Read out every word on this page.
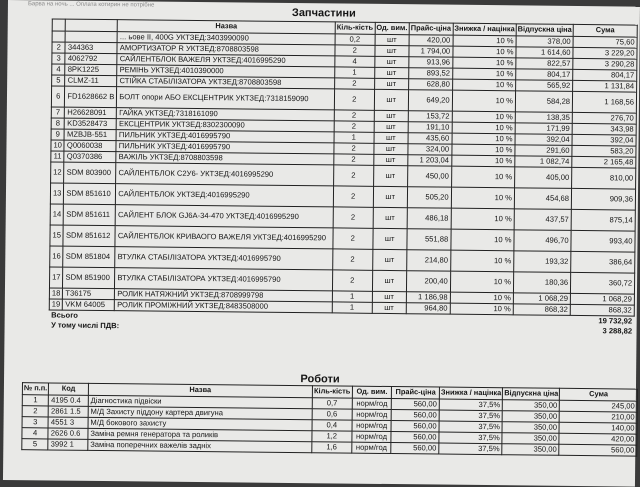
Барва на ночь ... Оплата котирин не потрібне
Запчастини
		Назва	Кіль-кість	Од. вим.	Прайс-ціна	Знижка / націнка	Відпускна ціна	Сума
		... ьове II, 400G УКТЗЕД:3403990090	0,2	шт	420,00	10 %	378,00	75,60
2	344363	АМОРТИЗАТОР R УКТЗЕД:8708803598	2	шт	1 794,00	10 %	1 614,60	3 229,20
3	4062792	САЙЛЕНТБЛОК ВАЖЕЛЯ УКТЗЕД:4016995290	4	шт	913,96	10 %	822,57	3 290,28
4	8PK1225	РЕМІНЬ УКТЗЕД:4010390000	1	шт	893,52	10 %	804,17	804,17
5	CLMZ-11	СТІЙКА СТАБІЛІЗАТОРА УКТЗЕД:8708803598	2	шт	628,80	10 %	565,92	1 131,84
6	FD1628662 B	БОЛТ опори АБО ЕКСЦЕНТРИК УКТЗЕД:7318159090	2	шт	649,20	10 %	584,28	1 168,56
7	H26628091	ГАЙКА УКТЗЕД:7318161090	2	шт	153,72	10 %	138,35	276,70
8	KD3528473	ЕКСЦЕНТРИК УКТЗЕД:8302300090	2	шт	191,10	10 %	171,99	343,98
9	MZBJB-551	ПИЛЬНИК УКТЗЕД:4016995790	1	шт	435,60	10 %	392,04	392,04
10	Q0060038	ПИЛЬНИК УКТЗЕД:4016995790	2	шт	324,00	10 %	291,60	583,20
11	Q0370386	ВАЖІЛЬ УКТЗЕД:8708803598	2	шт	1 203,04	10 %	1 082,74	2 165,48
12	SDM 803900	САЙЛЕНТБЛОК C2У6- УКТЗЕД:4016995290	2	шт	450,00	10 %	405,00	810,00
13	SDM 851610	САЙЛЕНТБЛОК УКТЗЕД:4016995290	2	шт	505,20	10 %	454,68	909,36
14	SDM 851611	САЙЛЕНТ БЛОК GJ6A-34-470 УКТЗЕД:4016995290	2	шт	486,18	10 %	437,57	875,14
15	SDM 851612	САЙЛЕНТБЛОК КРИВАОГО ВАЖЕЛЯ УКТЗЕД:4016995290	2	шт	551,88	10 %	496,70	993,40
16	SDM 851804	ВТУЛКА СТАБІЛІЗАТОРА УКТЗЕД:4016995790	2	шт	214,80	10 %	193,32	386,64
17	SDM 851900	ВТУЛКА СТАБІЛІЗАТОРА УКТЗЕД:4016995790	2	шт	200,40	10 %	180,36	360,72
18	T36175	РОЛИК НАТЯЖНИЙ УКТЗЕД:8708999798	1	шт	1 186,98	10 %	1 068,29	1 068,29
19	VKM 64005	РОЛИК ПРОМІЖНИЙ УКТЗЕД:8483508000	1	шт	964,80	10 %	868,32	868,32
Всього							19 732,92	
У тому числі ПДВ:							3 288,82	
Роботи
№ п.п.	Код	Назва	Кіль-кість	Од. вим.	Прайс-ціна	Знижка / націнка	Відпускна ціна	Сума
1	4195 0.4	Діагностика підвіски	0,7	норм/год	560,00	37,5%	350,00	245,00
2	2861 1.5	М/Д Захисту піддону картера двигуна	0,6	норм/год	560,00	37,5%	350,00	210,00
3	4551 3	М/Д бокового захисту	0,4	норм/год	560,00	37,5%	350,00	140,00
4	2626 0.6	Заміна ремня генератора та роликів	1,2	норм/год	560,00	37,5%	350,00	420,00
5	3992 1	Заміна поперечних важелів задніх	1,6	норм/год	560,00	37,5%	350,00	560,00
